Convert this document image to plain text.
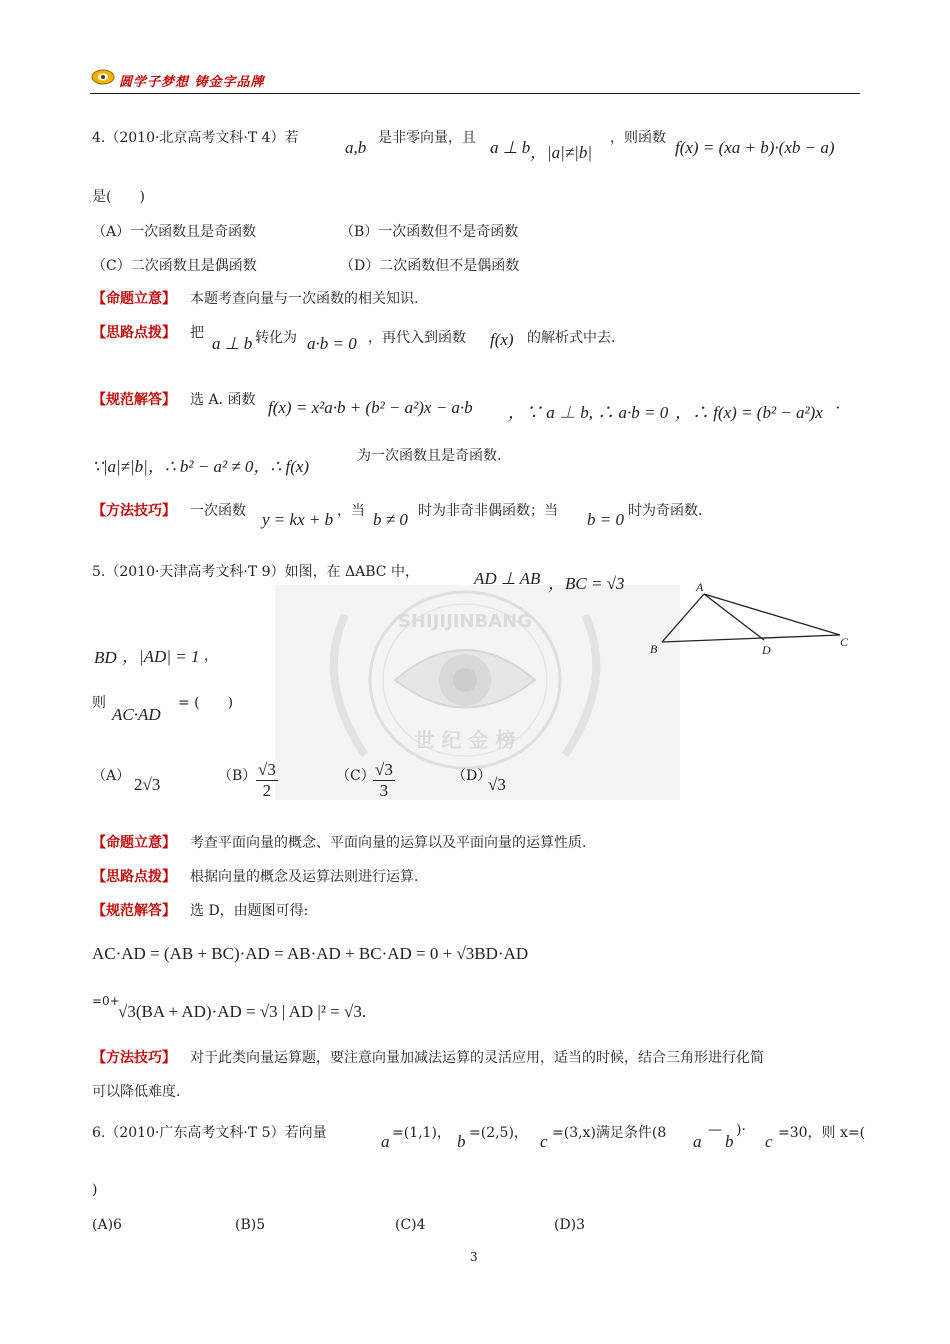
圆学子梦想 铸金字品牌
4.（2010·北京高考文科·T 4）若	a,b 是非零向量，且 a ⊥ b ，|a|≠|b|
，则函数 f(x) = (xa + b)·(xb − a)
是(　　)
（A）一次函数且是奇函数	（B）一次函数但不是奇函数
（C）二次函数且是偶函数	（D）二次函数但不是偶函数
【命题立意】 本题考查向量与一次函数的相关知识.
【思路点拨】 把
a ⊥ b 转化为 a·b = 0 ，再代入到函数 f(x) 的解析式中去.
【规范解答】 选 A. 函数 f(x) = x²a·b + (b² − a²)x − a·b ，∵ a ⊥ b, ∴ a·b = 0 ，∴ f(x) = (b² − a²)x ·
∵|a|≠|b|，∴ b² − a² ≠ 0，∴ f(x)
为一次函数且是奇函数.
【方法技巧】 一次函数 y = kx + b ，当 b ≠ 0 时为非奇非偶函数；当 b = 0 时为奇函数.
SHIJIJINBANG
世 纪 金 榜
5.（2010·天津高考文科·T 9）如图，在 ΔABC 中，	AD ⊥ AB ，BC = √3
BD ，|AD| = 1 ，
则
AC·AD
= (　　)
A
B	C
D
（A） 2√3	$(B) \frac{√3}{2}$	（C）
$\frac{√3}{3}$	（D）
√3
【命题立意】 考查平面向量的概念、平面向量的运算以及平面向量的运算性质.
【思路点拨】 根据向量的概念及运算法则进行运算.
【规范解答】 选 D，由题图可得:
AC·AD = (AB + BC)·AD = AB·AD + BC·AD = 0 + √3BD·AD
=0+
√3(BA + AD)·AD = √3 | AD |² = √3.
【方法技巧】 对于此类向量运算题，要注意向量加减法运算的灵活应用，适当的时候，结合三角形进行化简
可以降低难度.
6.（2010·广东高考文科·T 5）若向量	a =(1,1)， b =(2,5)， c =(3,x)满足条件(8 a
—
b
)·
c =30，则 x=(
)
(A)6	(B)5	(C)4	(D)3
3
